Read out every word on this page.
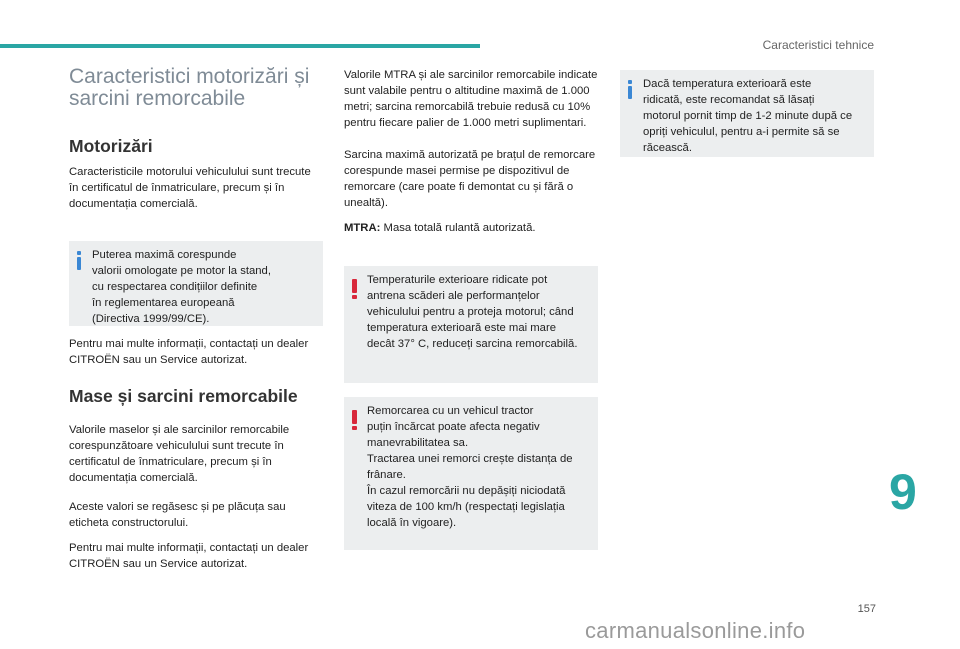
Caracteristici tehnice
Caracteristici motorizări și sarcini remorcabile
Motorizări

Caracteristicile motorului vehiculului sunt trecute în certificatul de înmatriculare, precum și în documentația comercială.

Puterea maximă corespunde
valorii omologate pe motor la stand,
cu respectarea condițiilor definite
în reglementarea europeană
(Directiva 1999/99/CE).

Pentru mai multe informații, contactați un dealer CITROËN sau un Service autorizat.

Mase și sarcini remorcabile

Valorile maselor și ale sarcinilor remorcabile corespunzătoare vehiculului sunt trecute în certificatul de înmatriculare, precum și în documentația comercială.

Aceste valori se regăsesc și pe plăcuța sau eticheta constructorului.

Pentru mai multe informații, contactați un dealer CITROËN sau un Service autorizat.

Valorile MTRA și ale sarcinilor remorcabile indicate sunt valabile pentru o altitudine maximă de 1.000 metri; sarcina remorcabilă trebuie redusă cu 10% pentru fiecare palier de 1.000 metri suplimentari.

Sarcina maximă autorizată pe brațul de remorcare corespunde masei permise pe dispozitivul de remorcare (care poate fi demontat cu și fără o unealtă).

MTRA: Masa totală rulantă autorizată.

Temperaturile exterioare ridicate pot
antrena scăderi ale performanțelor
vehiculului pentru a proteja motorul; când
temperatura exterioară este mai mare
decât 37° C, reduceți sarcina remorcabilă.
Remorcarea cu un vehicul tractor
puțin încărcat poate afecta negativ
manevrabilitatea sa.
Tractarea unei remorci crește distanța de
frânare.
În cazul remorcării nu depășiți niciodată
viteza de 100 km/h (respectați legislația
locală în vigoare).
Dacă temperatura exterioară este
ridicată, este recomandat să lăsați
motorul pornit timp de 1-2 minute după ce
opriți vehiculul, pentru a-i permite să se
răcească.
9
157
carmanualsonline.info
